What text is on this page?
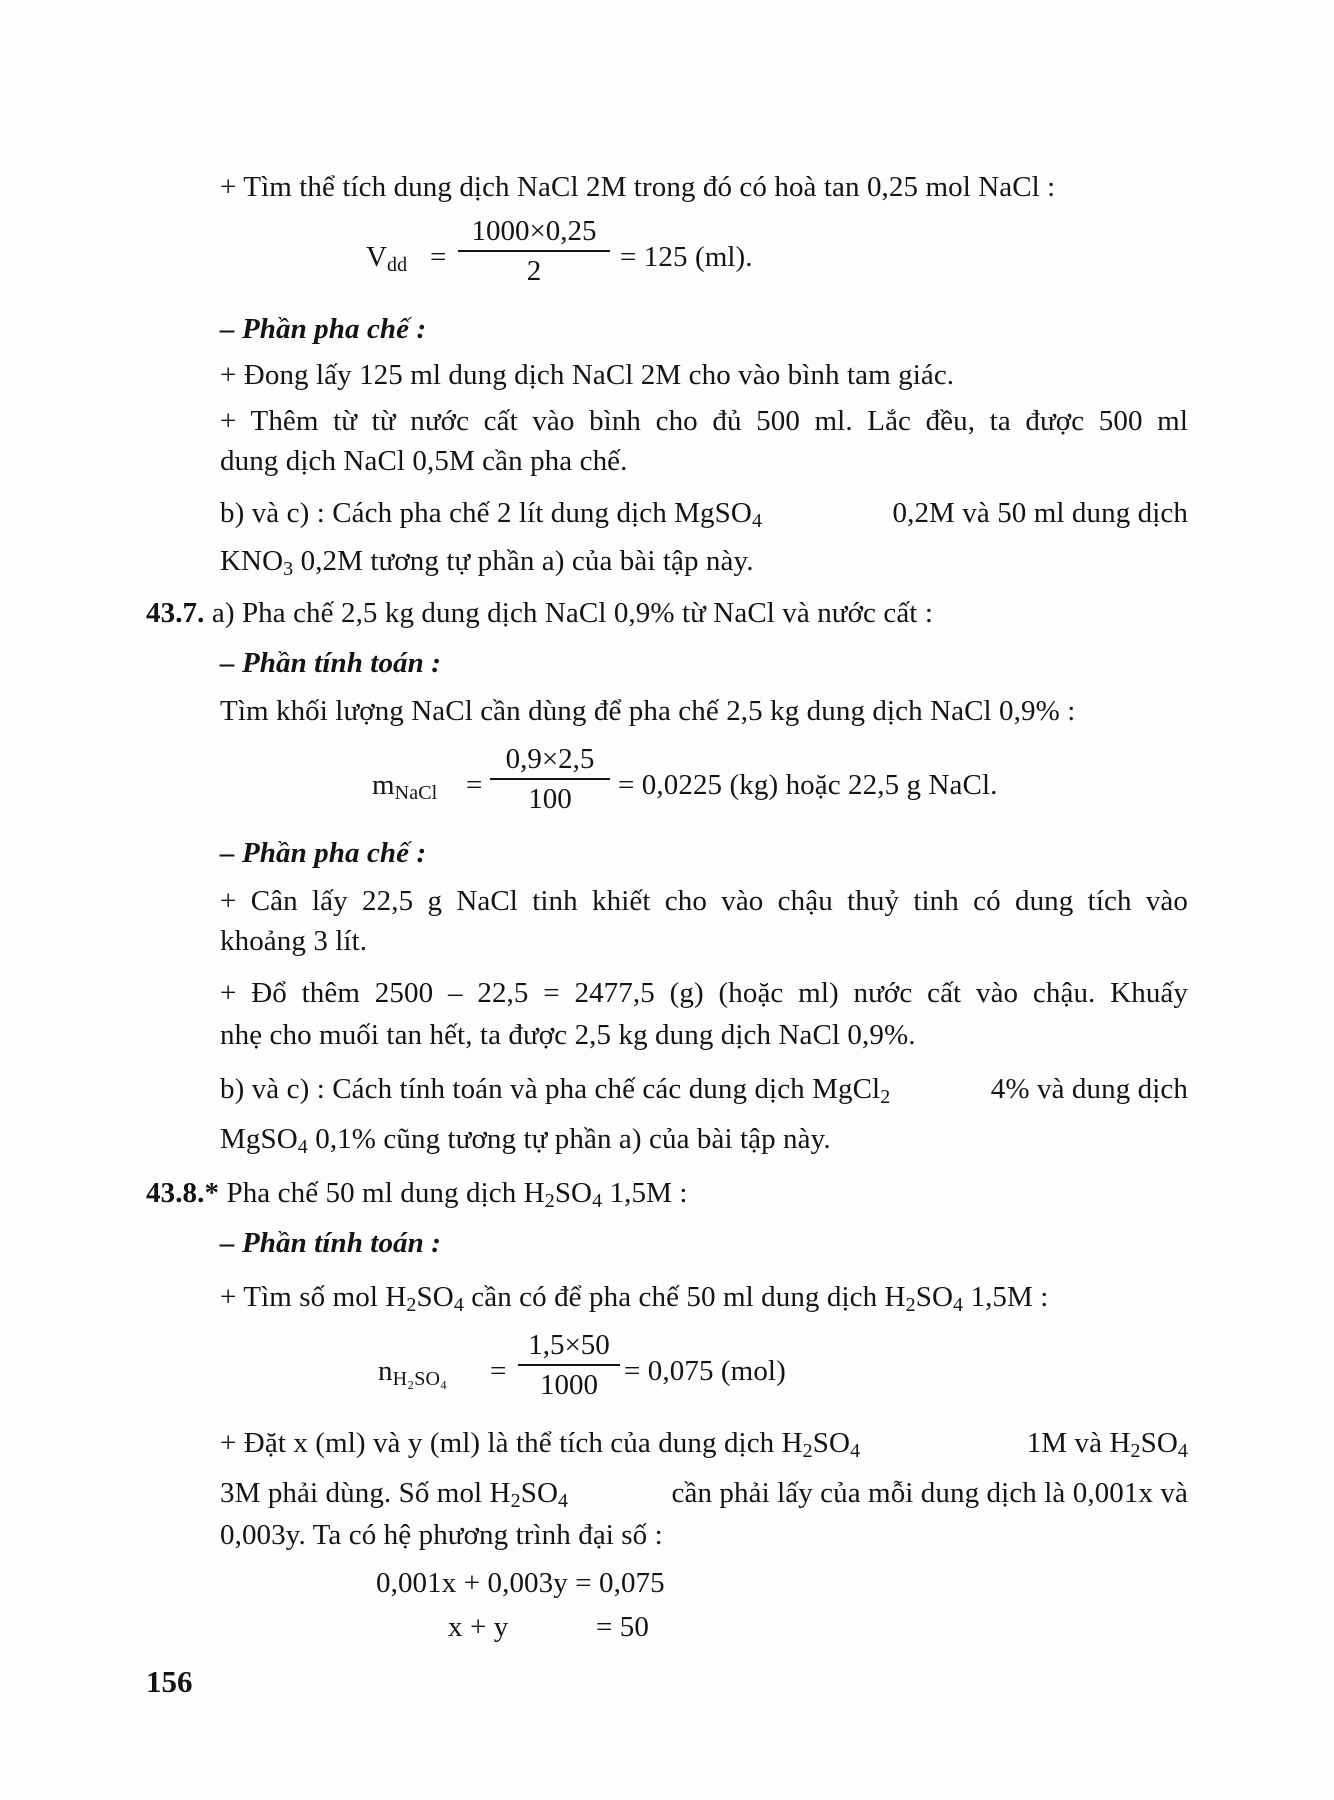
+ Tìm thể tích dung dịch NaCl 2M trong đó có hoà tan 0,25 mol NaCl :
$V_{dd}$ =
1000×0,25
2	= 125 (ml).
– Phần pha chế :
+ Đong lấy 125 ml dung dịch NaCl 2M cho vào bình tam giác.
+ Thêm từ từ nước cất vào bình cho đủ 500 ml. Lắc đều, ta được 500 ml
dung dịch NaCl 0,5M cần pha chế.
b) và c) : Cách pha chế 2 lít dung dịch MgSO$_4$	0,2M và 50 ml dung dịch
$KNO_3$ 0,2M tương tự phần a) của bài tập này.
43.7. a) Pha chế 2,5 kg dung dịch NaCl 0,9% từ NaCl và nước cất :
– Phần tính toán :
Tìm khối lượng NaCl cần dùng để pha chế 2,5 kg dung dịch NaCl 0,9% :
$m_{NaCl}$ =
0,9×2,5
100 = 0,0225 (kg) hoặc 22,5 g NaCl.
– Phần pha chế :
+ Cân lấy 22,5 g NaCl tinh khiết cho vào chậu thuỷ tinh có dung tích vào
khoảng 3 lít.
+ Đổ thêm 2500 – 22,5 = 2477,5 (g) (hoặc ml) nước cất vào chậu. Khuấy
nhẹ cho muối tan hết, ta được 2,5 kg dung dịch NaCl 0,9%.
b) và c) : Cách tính toán và pha chế các dung dịch MgCl$_2$	4% và dung dịch
MgSO$_4$ 0,1% cũng tương tự phần a) của bài tập này.
43.8.* Pha chế 50 ml dung dịch $H_2SO_4$ 1,5M :
– Phần tính toán :
+ Tìm số mol $H_2SO_4$ cần có để pha chế 50 ml dung dịch $H_2SO_4$ 1,5M :
$n_{H_2SO_4}$ =
1,5×50
1000 = 0,075 (mol)
+ Đặt x (ml) và y (ml) là thể tích của dung dịch $H_2SO_4$	1M và $H_2SO_4$
3M phải dùng. Số mol $H_2SO_4$	cần phải lấy của mỗi dung dịch là 0,001x và
0,003y. Ta có hệ phương trình đại số :
0,001x + 0,003y = 0,075
x + y	= 50
156
